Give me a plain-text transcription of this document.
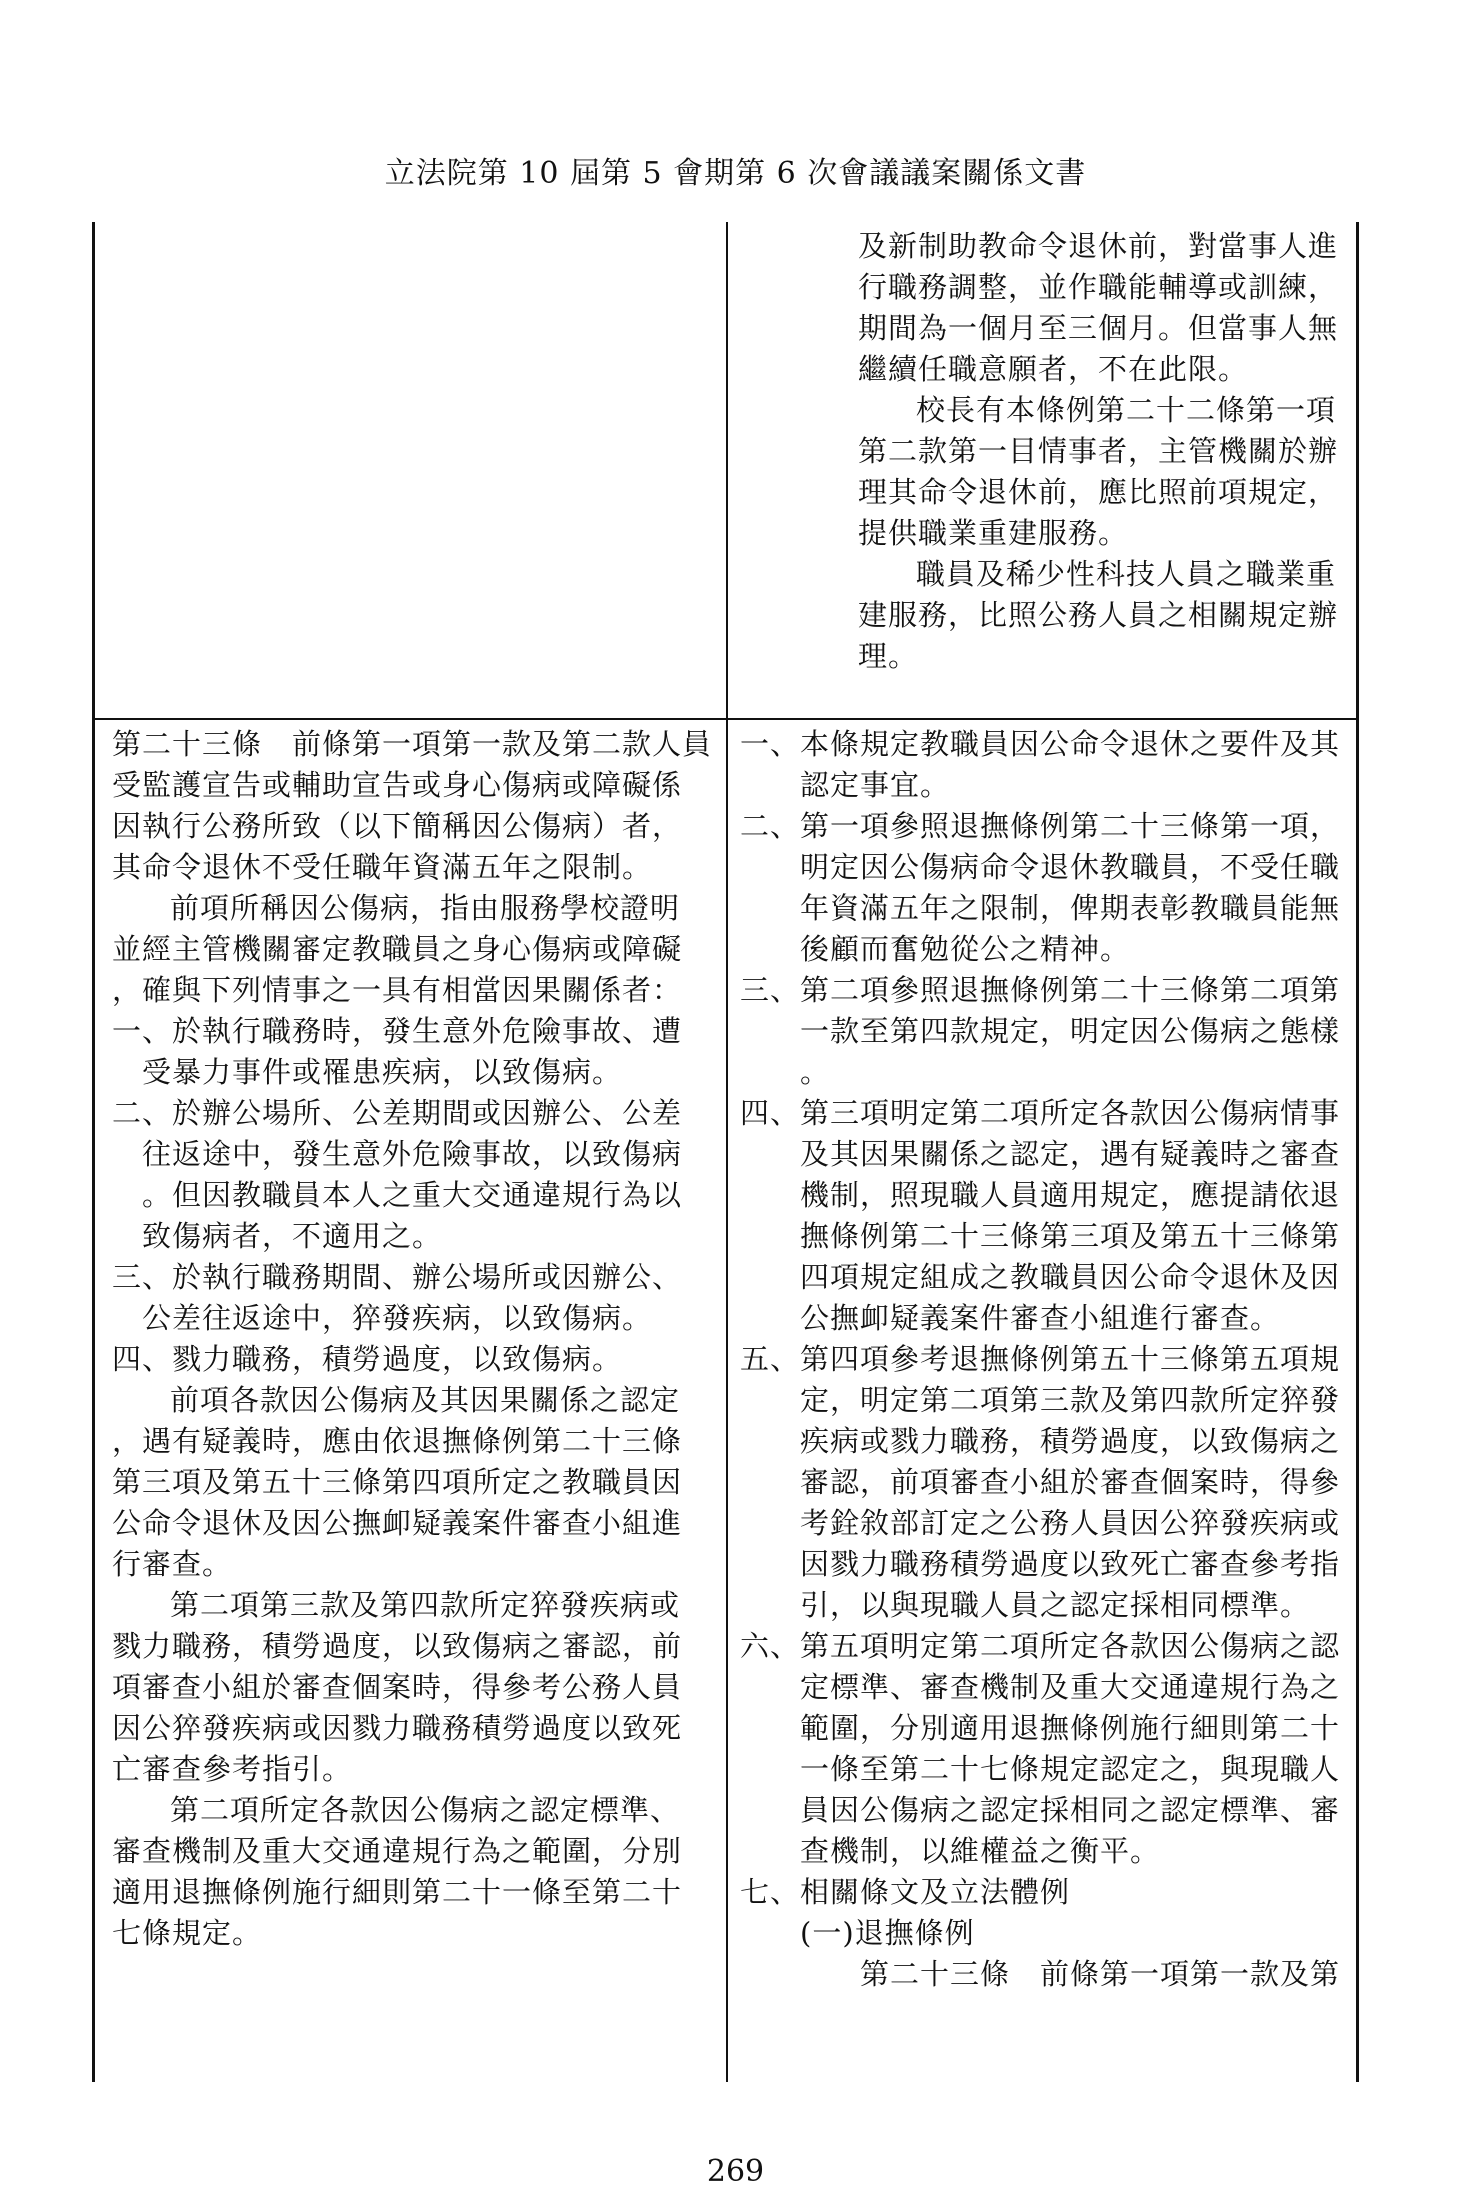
立法院第 10 屆第 5 會期第 6 次會議議案關係文書
及新制助教命令退休前，對當事人進
行職務調整，並作職能輔導或訓練，
期間為一個月至三個月。但當事人無
繼續任職意願者，不在此限。
校長有本條例第二十二條第一項
第二款第一目情事者，主管機關於辦
理其命令退休前，應比照前項規定，
提供職業重建服務。
職員及稀少性科技人員之職業重
建服務，比照公務人員之相關規定辦
理。
第二十三條　前條第一項第一款及第二款人員
受監護宣告或輔助宣告或身心傷病或障礙係
因執行公務所致（以下簡稱因公傷病）者，
其命令退休不受任職年資滿五年之限制。
前項所稱因公傷病，指由服務學校證明
並經主管機關審定教職員之身心傷病或障礙
，確與下列情事之一具有相當因果關係者：
一、於執行職務時，發生意外危險事故、遭
受暴力事件或罹患疾病，以致傷病。
二、於辦公場所、公差期間或因辦公、公差
往返途中，發生意外危險事故，以致傷病
。但因教職員本人之重大交通違規行為以
致傷病者，不適用之。
三、於執行職務期間、辦公場所或因辦公、
公差往返途中，猝發疾病，以致傷病。
四、戮力職務，積勞過度，以致傷病。
前項各款因公傷病及其因果關係之認定
，遇有疑義時，應由依退撫條例第二十三條
第三項及第五十三條第四項所定之教職員因
公命令退休及因公撫卹疑義案件審查小組進
行審查。
第二項第三款及第四款所定猝發疾病或
戮力職務，積勞過度，以致傷病之審認，前
項審查小組於審查個案時，得參考公務人員
因公猝發疾病或因戮力職務積勞過度以致死
亡審查參考指引。
第二項所定各款因公傷病之認定標準、
審查機制及重大交通違規行為之範圍，分別
適用退撫條例施行細則第二十一條至第二十
七條規定。
一、本條規定教職員因公命令退休之要件及其
認定事宜。
二、第一項參照退撫條例第二十三條第一項，
明定因公傷病命令退休教職員，不受任職
年資滿五年之限制，俾期表彰教職員能無
後顧而奮勉從公之精神。
三、第二項參照退撫條例第二十三條第二項第
一款至第四款規定，明定因公傷病之態樣
。
四、第三項明定第二項所定各款因公傷病情事
及其因果關係之認定，遇有疑義時之審查
機制，照現職人員適用規定，應提請依退
撫條例第二十三條第三項及第五十三條第
四項規定組成之教職員因公命令退休及因
公撫卹疑義案件審查小組進行審查。
五、第四項參考退撫條例第五十三條第五項規
定，明定第二項第三款及第四款所定猝發
疾病或戮力職務，積勞過度，以致傷病之
審認，前項審查小組於審查個案時，得參
考銓敘部訂定之公務人員因公猝發疾病或
因戮力職務積勞過度以致死亡審查參考指
引，以與現職人員之認定採相同標準。
六、第五項明定第二項所定各款因公傷病之認
定標準、審查機制及重大交通違規行為之
範圍，分別適用退撫條例施行細則第二十
一條至第二十七條規定認定之，與現職人
員因公傷病之認定採相同之認定標準、審
查機制，以維權益之衡平。
七、相關條文及立法體例
(一)退撫條例
第二十三條　前條第一項第一款及第
269
